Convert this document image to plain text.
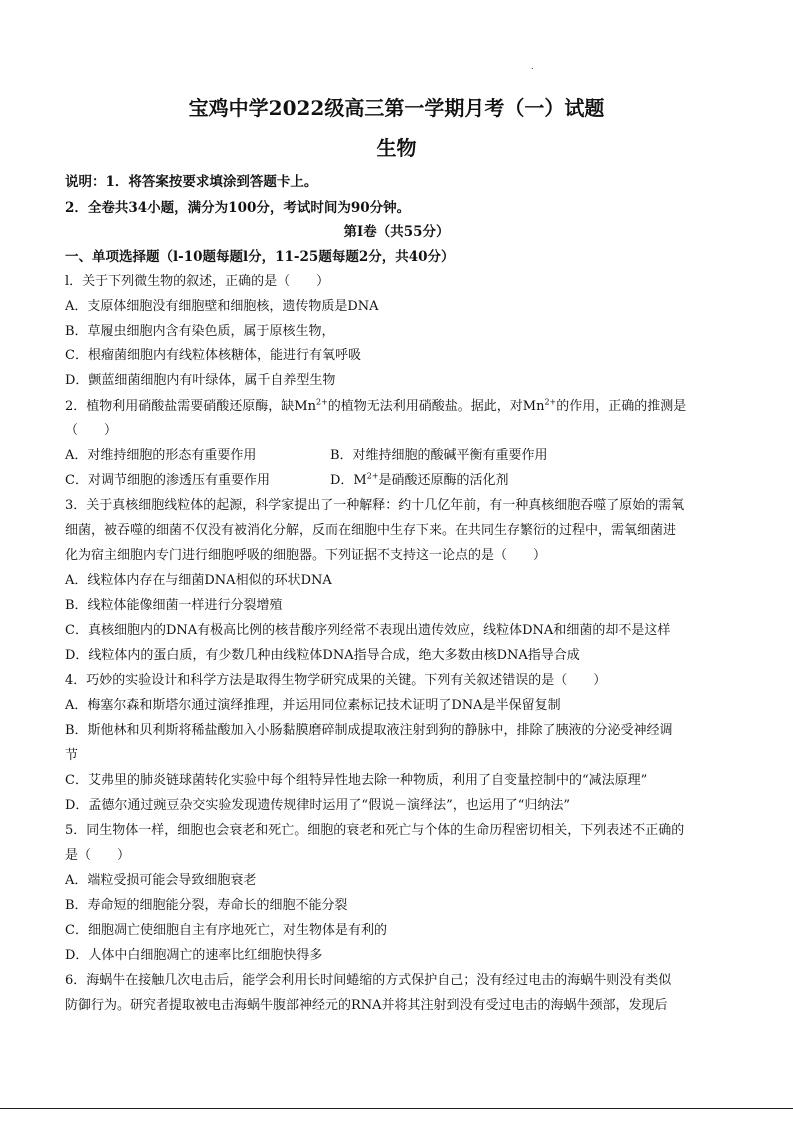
.
宝鸡中学2022级高三第一学期月考（一）试题
生物
说明：1．将答案按要求填涂到答题卡上。
2．全卷共34小题，满分为100分，考试时间为90分钟。
第Ⅰ卷（共55分）
一、单项选择题（l-10题每题l分，11-25题每题2分，共40分）
l．关于下列微生物的叙述，正确的是（　　）
A．支原体细胞没有细胞壁和细胞核，遗传物质是DNA
B．草履虫细胞内含有染色质，属于原核生物，
C．根瘤菌细胞内有线粒体核糖体，能进行有氧呼吸
D．颤蓝细菌细胞内有叶绿体，属千自养型生物
2．植物利用硝酸盐需要硝酸还原酶，缺$Mn^{2+}$的植物无法利用硝酸盐。据此，对$Mn^{2+}$的作用，正确的推测是
（　　）
A．对维持细胞的形态有重要作用	B．对维持细胞的酸碱平衡有重要作用
C．对调节细胞的渗透压有重要作用	D．$M^{2+}$是硝酸还原酶的活化剂
3．关于真核细胞线粒体的起源，科学家提出了一种解释：约十几亿年前，有一种真核细胞吞噬了原始的需氧
细菌，被吞噬的细菌不仅没有被消化分解，反而在细胞中生存下来。在共同生存繁衍的过程中，需氧细菌进
化为宿主细胞内专门进行细胞呼吸的细胞器。下列证据不支持这一论点的是（　　）
A．线粒体内存在与细菌DNA相似的环状DNA
B．线粒体能像细菌一样进行分裂增殖
C．真核细胞内的DNA有极高比例的核昔酸序列经常不表现出遗传效应，线粒体DNA和细菌的却不是这样
D．线粒体内的蛋白质，有少数几种由线粒体DNA指导合成，绝大多数由核DNA指导合成
4．巧妙的实验设计和科学方法是取得生物学研究成果的关键。下列有关叙述错误的是（　　）
A．梅塞尔森和斯塔尔通过演绎推理，并运用同位素标记技术证明了DNA是半保留复制
B．斯他林和贝利斯将稀盐酸加入小肠黏膜磨碎制成提取液注射到狗的静脉中，排除了胰液的分泌受神经调
节
C．艾弗里的肺炎链球菌转化实验中每个组特异性地去除一种物质，利用了自变量控制中的“减法原理”
D．孟德尔通过豌豆杂交实验发现遗传规律时运用了“假说－演绎法”，也运用了“归纳法”
5．同生物体一样，细胞也会衰老和死亡。细胞的衰老和死亡与个体的生命历程密切相关，下列表述不正确的
是（　　）
A．端粒受损可能会导致细胞衰老
B．寿命短的细胞能分裂，寿命长的细胞不能分裂
C．细胞凋亡使细胞自主有序地死亡，对生物体是有利的
D．人体中白细胞凋亡的速率比红细胞快得多
6．海蜗牛在接触几次电击后，能学会利用长时间蜷缩的方式保护自己；没有经过电击的海蜗牛则没有类似
防御行为。研究者提取被电击海蜗牛腹部神经元的RNA并将其注射到没有受过电击的海蜗牛颈部，发现后
